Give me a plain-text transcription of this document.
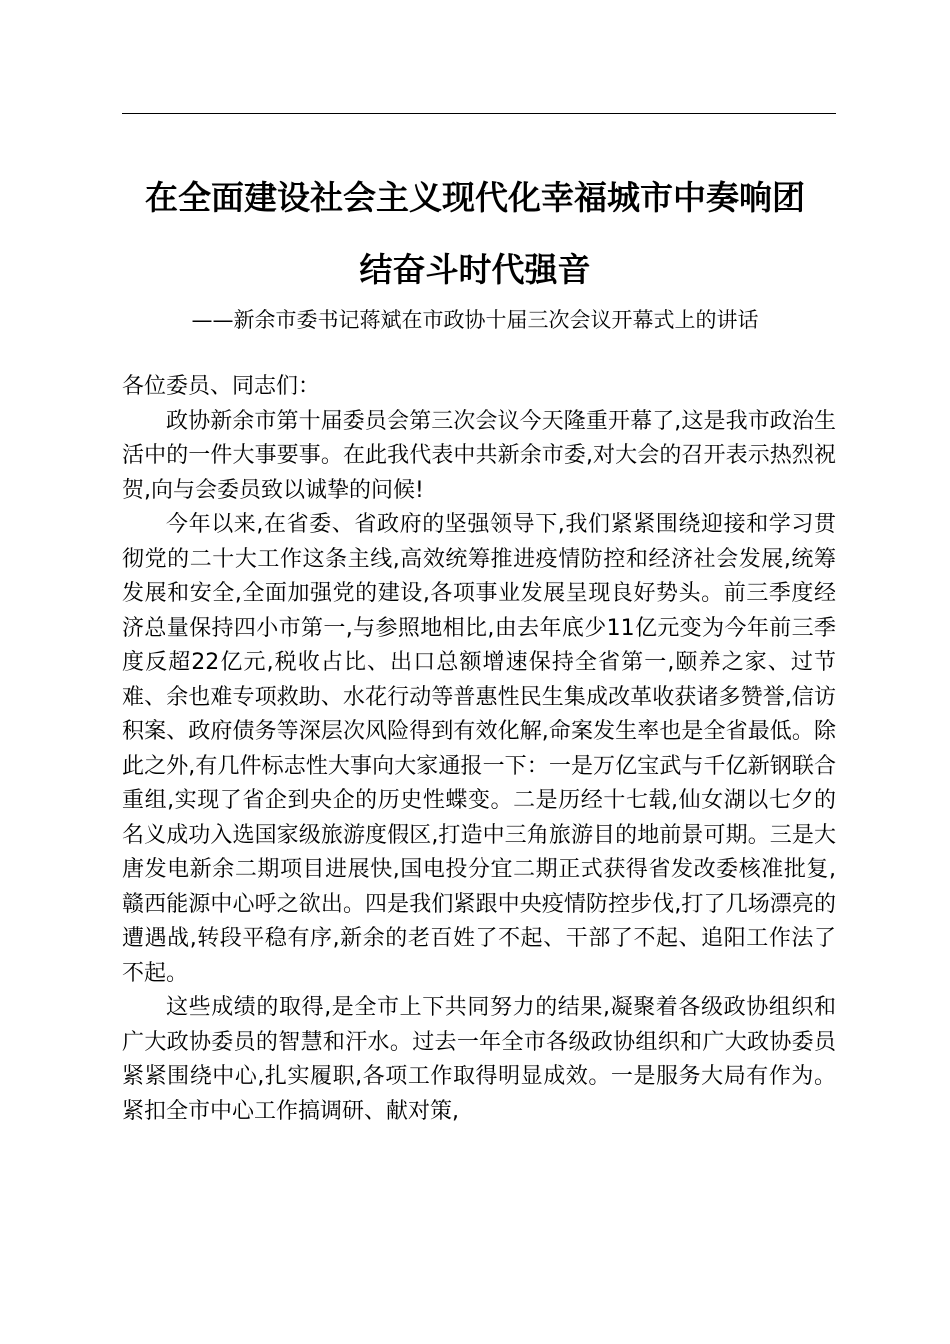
在全面建设社会主义现代化幸福城市中奏响团
结奋斗时代强音
——新余市委书记蒋斌在市政协十届三次会议开幕式上的讲话

各位委员、同志们：

政协新余市第十届委员会第三次会议今天隆重开幕了,这是我市政治生活中的一件大事要事。在此我代表中共新余市委,对大会的召开表示热烈祝贺,向与会委员致以诚挚的问候!

今年以来,在省委、省政府的坚强领导下,我们紧紧围绕迎接和学习贯彻党的二十大工作这条主线,高效统筹推进疫情防控和经济社会发展,统筹发展和安全,全面加强党的建设,各项事业发展呈现良好势头。前三季度经济总量保持四小市第一,与参照地相比,由去年底少11亿元变为今年前三季度反超22亿元,税收占比、出口总额增速保持全省第一,颐养之家、过节难、余也难专项救助、水花行动等普惠性民生集成改革收获诸多赞誉,信访积案、政府债务等深层次风险得到有效化解,命案发生率也是全省最低。除此之外,有几件标志性大事向大家通报一下：一是万亿宝武与千亿新钢联合重组,实现了省企到央企的历史性蝶变。二是历经十七载,仙女湖以七夕的名义成功入选国家级旅游度假区,打造中三角旅游目的地前景可期。三是大唐发电新余二期项目进展快,国电投分宜二期正式获得省发改委核准批复,赣西能源中心呼之欲出。四是我们紧跟中央疫情防控步伐,打了几场漂亮的遭遇战,转段平稳有序,新余的老百姓了不起、干部了不起、追阳工作法了不起。

这些成绩的取得,是全市上下共同努力的结果,凝聚着各级政协组织和广大政协委员的智慧和汗水。过去一年全市各级政协组织和广大政协委员紧紧围绕中心,扎实履职,各项工作取得明显成效。一是服务大局有作为。紧扣全市中心工作搞调研、献对策,
